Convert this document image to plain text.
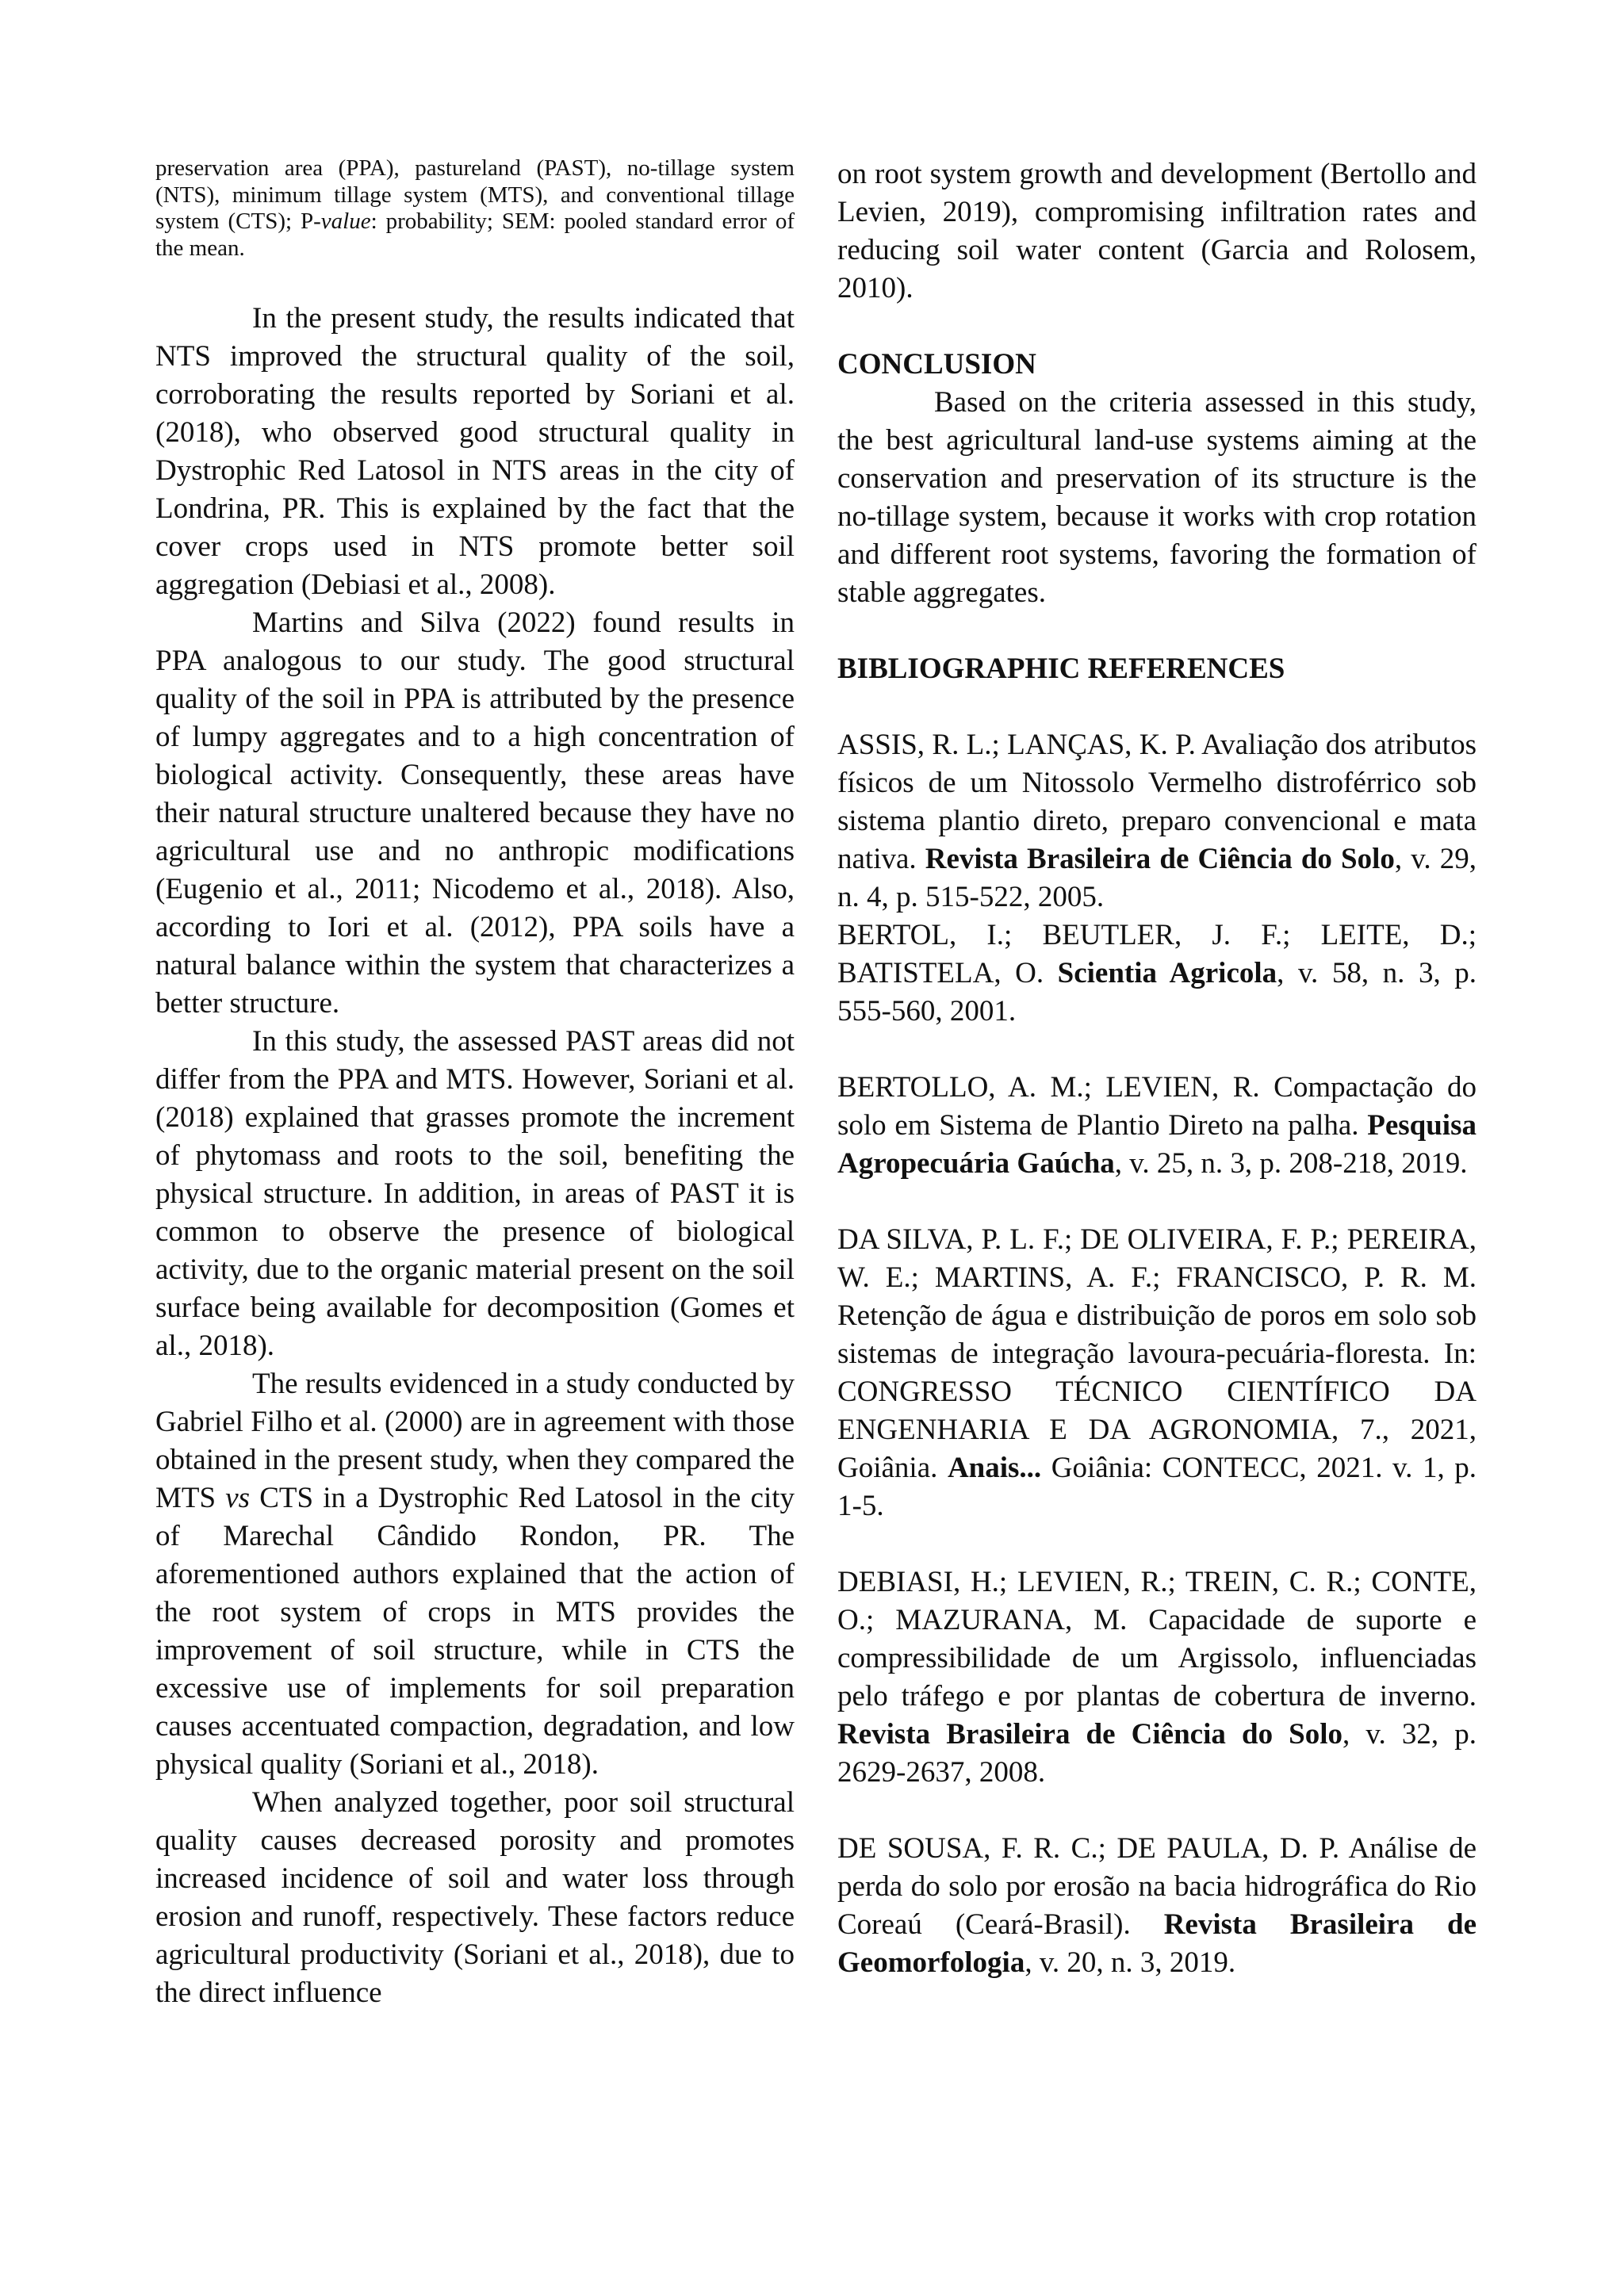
preservation area (PPA), pastureland (PAST), no-tillage system (NTS), minimum tillage system (MTS), and conventional tillage system (CTS); P-value: probability; SEM: pooled standard error of the mean.

In the present study, the results indicated that NTS improved the structural quality of the soil, corroborating the results reported by Soriani et al. (2018), who observed good structural quality in Dystrophic Red Latosol in NTS areas in the city of Londrina, PR. This is explained by the fact that the cover crops used in NTS promote better soil aggregation (Debiasi et al., 2008).

Martins and Silva (2022) found results in PPA analogous to our study. The good structural quality of the soil in PPA is attributed by the presence of lumpy aggregates and to a high concentration of biological activity. Consequently, these areas have their natural structure unaltered because they have no agricultural use and no anthropic modifications (Eugenio et al., 2011; Nicodemo et al., 2018). Also, according to Iori et al. (2012), PPA soils have a natural balance within the system that characterizes a better structure.

In this study, the assessed PAST areas did not differ from the PPA and MTS. However, Soriani et al. (2018) explained that grasses promote the increment of phytomass and roots to the soil, benefiting the physical structure. In addition, in areas of PAST it is common to observe the presence of biological activity, due to the organic material present on the soil surface being available for decomposition (Gomes et al., 2018).

The results evidenced in a study conducted by Gabriel Filho et al. (2000) are in agreement with those obtained in the present study, when they compared the MTS vs CTS in a Dystrophic Red Latosol in the city of Marechal Cândido Rondon, PR. The aforementioned authors explained that the action of the root system of crops in MTS provides the improvement of soil structure, while in CTS the excessive use of implements for soil preparation causes accentuated compaction, degradation, and low physical quality (Soriani et al., 2018).

When analyzed together, poor soil structural quality causes decreased porosity and promotes increased incidence of soil and water loss through erosion and runoff, respectively. These factors reduce agricultural productivity (Soriani et al., 2018), due to the direct influence

on root system growth and development (Bertollo and Levien, 2019), compromising infiltration rates and reducing soil water content (Garcia and Rolosem, 2010).

CONCLUSION

Based on the criteria assessed in this study, the best agricultural land-use systems aiming at the conservation and preservation of its structure is the no-tillage system, because it works with crop rotation and different root systems, favoring the formation of stable aggregates.

BIBLIOGRAPHIC REFERENCES

ASSIS, R. L.; LANÇAS, K. P. Avaliação dos atributos físicos de um Nitossolo Vermelho distroférrico sob sistema plantio direto, preparo convencional e mata nativa. Revista Brasileira de Ciência do Solo, v. 29, n. 4, p. 515-522, 2005.

BERTOL, I.; BEUTLER, J. F.; LEITE, D.; BATISTELA, O. Scientia Agricola, v. 58, n. 3, p. 555-560, 2001.

BERTOLLO, A. M.; LEVIEN, R. Compactação do solo em Sistema de Plantio Direto na palha. Pesquisa Agropecuária Gaúcha, v. 25, n. 3, p. 208-218, 2019.

DA SILVA, P. L. F.; DE OLIVEIRA, F. P.; PEREIRA, W. E.; MARTINS, A. F.; FRANCISCO, P. R. M. Retenção de água e distribuição de poros em solo sob sistemas de integração lavoura-pecuária-floresta. In: CONGRESSO TÉCNICO CIENTÍFICO DA ENGENHARIA E DA AGRONOMIA, 7., 2021, Goiânia. Anais... Goiânia: CONTECC, 2021. v. 1, p. 1-5.

DEBIASI, H.; LEVIEN, R.; TREIN, C. R.; CONTE, O.; MAZURANA, M. Capacidade de suporte e compressibilidade de um Argissolo, influenciadas pelo tráfego e por plantas de cobertura de inverno. Revista Brasileira de Ciência do Solo, v. 32, p. 2629-2637, 2008.

DE SOUSA, F. R. C.; DE PAULA, D. P. Análise de perda do solo por erosão na bacia hidrográfica do Rio Coreaú (Ceará-Brasil). Revista Brasileira de Geomorfologia, v. 20, n. 3, 2019.
